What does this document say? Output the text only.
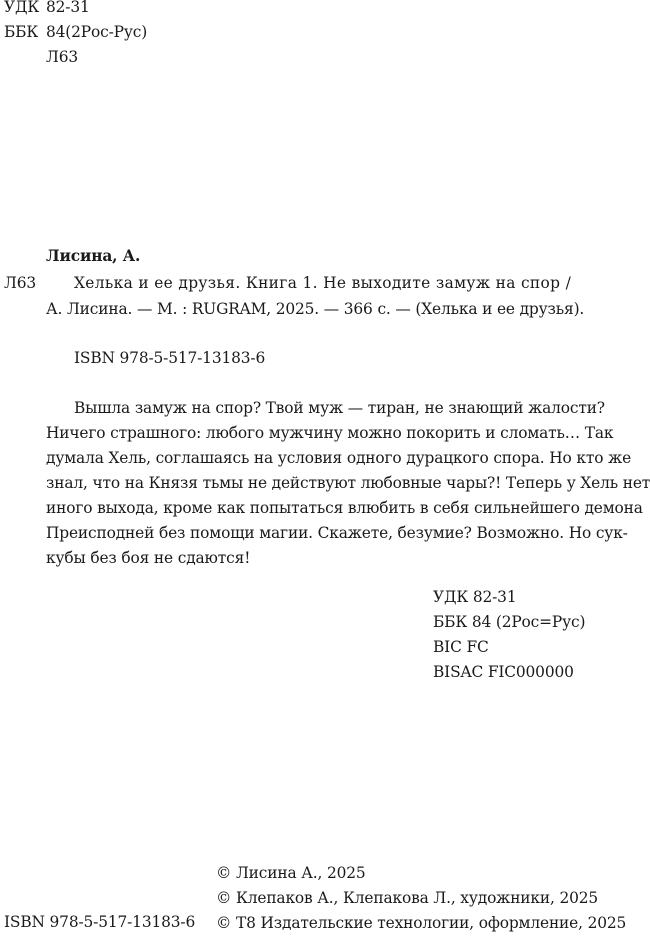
УДК 82-31
ББК 84(2Рос-Рус)
Л63
Лисина, А.
Л63 Хелька и ее друзья. Книга 1. Не выходите замуж на спор /
А. Лисина. — М. : RUGRAM, 2025. — 366 с. — (Хелька и ее друзья).
ISBN 978-5-517-13183-6
Вышла замуж на спор? Твой муж — тиран, не знающий жалости?
Ничего страшного: любого мужчину можно покорить и сломать… Так
думала Хель, соглашаясь на условия одного дурацкого спора. Но кто же
знал, что на Князя тьмы не действуют любовные чары?! Теперь у Хель нет
иного выхода, кроме как попытаться влюбить в себя сильнейшего демона
Преисподней без помощи магии. Скажете, безумие? Возможно. Но сук-
кубы без боя не сдаются!
УДК 82-31
ББК 84 (2Рос=Рус)
BIC FC
BISAC FIC000000
ISBN 978-5-517-13183-6
© Лисина А., 2025
© Клепаков А., Клепакова Л., художники, 2025
© Т8 Издательские технологии, оформление, 2025
